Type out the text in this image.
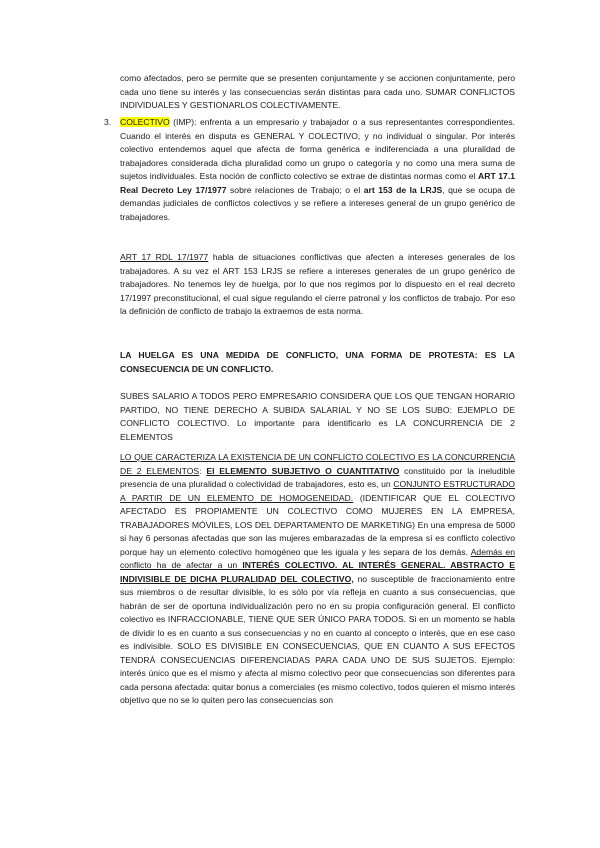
como afectados, pero se permite que se presenten conjuntamente y se accionen conjuntamente, pero cada uno tiene su interés y las consecuencias serán distintas para cada uno. SUMAR CONFLICTOS INDIVIDUALES Y GESTIONARLOS COLECTIVAMENTE.

3. COLECTIVO (IMP): enfrenta a un empresario y trabajador o a sus representantes correspondientes. Cuando el interés en disputa es GENERAL Y COLECTIVO, y no individual o singular. Por interés colectivo entendemos aquel que afecta de forma genérica e indiferenciada a una pluralidad de trabajadores considerada dicha pluralidad como un grupo o categoría y no como una mera suma de sujetos individuales. Esta noción de conflicto colectivo se extrae de distintas normas como el ART 17.1 Real Decreto Ley 17/1977 sobre relaciones de Trabajo; o el art 153 de la LRJS, que se ocupa de demandas judiciales de conflictos colectivos y se refiere a intereses general de un grupo genérico de trabajadores.

ART 17 RDL 17/1977 habla de situaciones conflictivas que afecten a intereses generales de los trabajadores. A su vez el ART 153 LRJS se refiere a intereses generales de un grupo genérico de trabajadores. No tenemos ley de huelga, por lo que nos regimos por lo dispuesto en el real decreto 17/1997 preconstitucional, el cual sigue regulando el cierre patronal y los conflictos de trabajo. Por eso la definición de conflicto de trabajo la extraemos de esta norma.

LA HUELGA ES UNA MEDIDA DE CONFLICTO, UNA FORMA DE PROTESTA: ES LA CONSECUENCIA DE UN CONFLICTO.

SUBES SALARIO A TODOS PERO EMPRESARIO CONSIDERA QUE LOS QUE TENGAN HORARIO PARTIDO, NO TIENE DERECHO A SUBIDA SALARIAL Y NO SE LOS SUBO: EJEMPLO DE CONFLICTO COLECTIVO. Lo importante para identificarlo es LA CONCURRENCIA DE 2 ELEMENTOS

LO QUE CARACTERIZA LA EXISTENCIA DE UN CONFLICTO COLECTIVO ES LA CONCURRENCIA DE 2 ELEMENTOS: El ELEMENTO SUBJETIVO O CUANTITATIVO constituido por la ineludible presencia de una pluralidad o colectividad de trabajadores, esto es, un CONJUNTO ESTRUCTURADO A PARTIR DE UN ELEMENTO DE HOMOGENEIDAD. (IDENTIFICAR QUE EL COLECTIVO AFECTADO ES PROPIAMENTE UN COLECTIVO COMO MUJERES EN LA EMPRESA, TRABAJADORES MÓVILES, LOS DEL DEPARTAMENTO DE MARKETING) En una empresa de 5000 si hay 6 personas afectadas que son las mujeres embarazadas de la empresa sí es conflicto colectivo porque hay un elemento colectivo homogéneo que les iguala y les separa de los demás. Además en conflicto ha de afectar a un INTERÉS COLECTIVO. AL INTERÉS GENERAL. ABSTRACTO E INDIVISIBLE DE DICHA PLURALIDAD DEL COLECTIVO, no susceptible de fraccionamiento entre sus miembros o de resultar divisible, lo es sólo por vía refleja en cuanto a sus consecuencias, que habrán de ser de oportuna individualización pero no en su propia configuración general. El conflicto colectivo es INFRACCIONABLE, TIENE QUE SER ÚNICO PARA TODOS. Si en un momento se habla de dividir lo es en cuanto a sus consecuencias y no en cuanto al concepto o interés, que en ese caso es indivisible. SOLO ES DIVISIBLE EN CONSECUENCIAS, QUE EN CUANTO A SUS EFECTOS TENDRÁ CONSECUENCIAS DIFERENCIADAS PARA CADA UNO DE SUS SUJETOS. Ejemplo: interés único que es el mismo y afecta al mismo colectivo peor que consecuencias son diferentes para cada persona afectada: quitar bonus a comerciales (es mismo colectivo, todos quieren el mismo interés objetivo que no se lo quiten pero las consecuencias son
